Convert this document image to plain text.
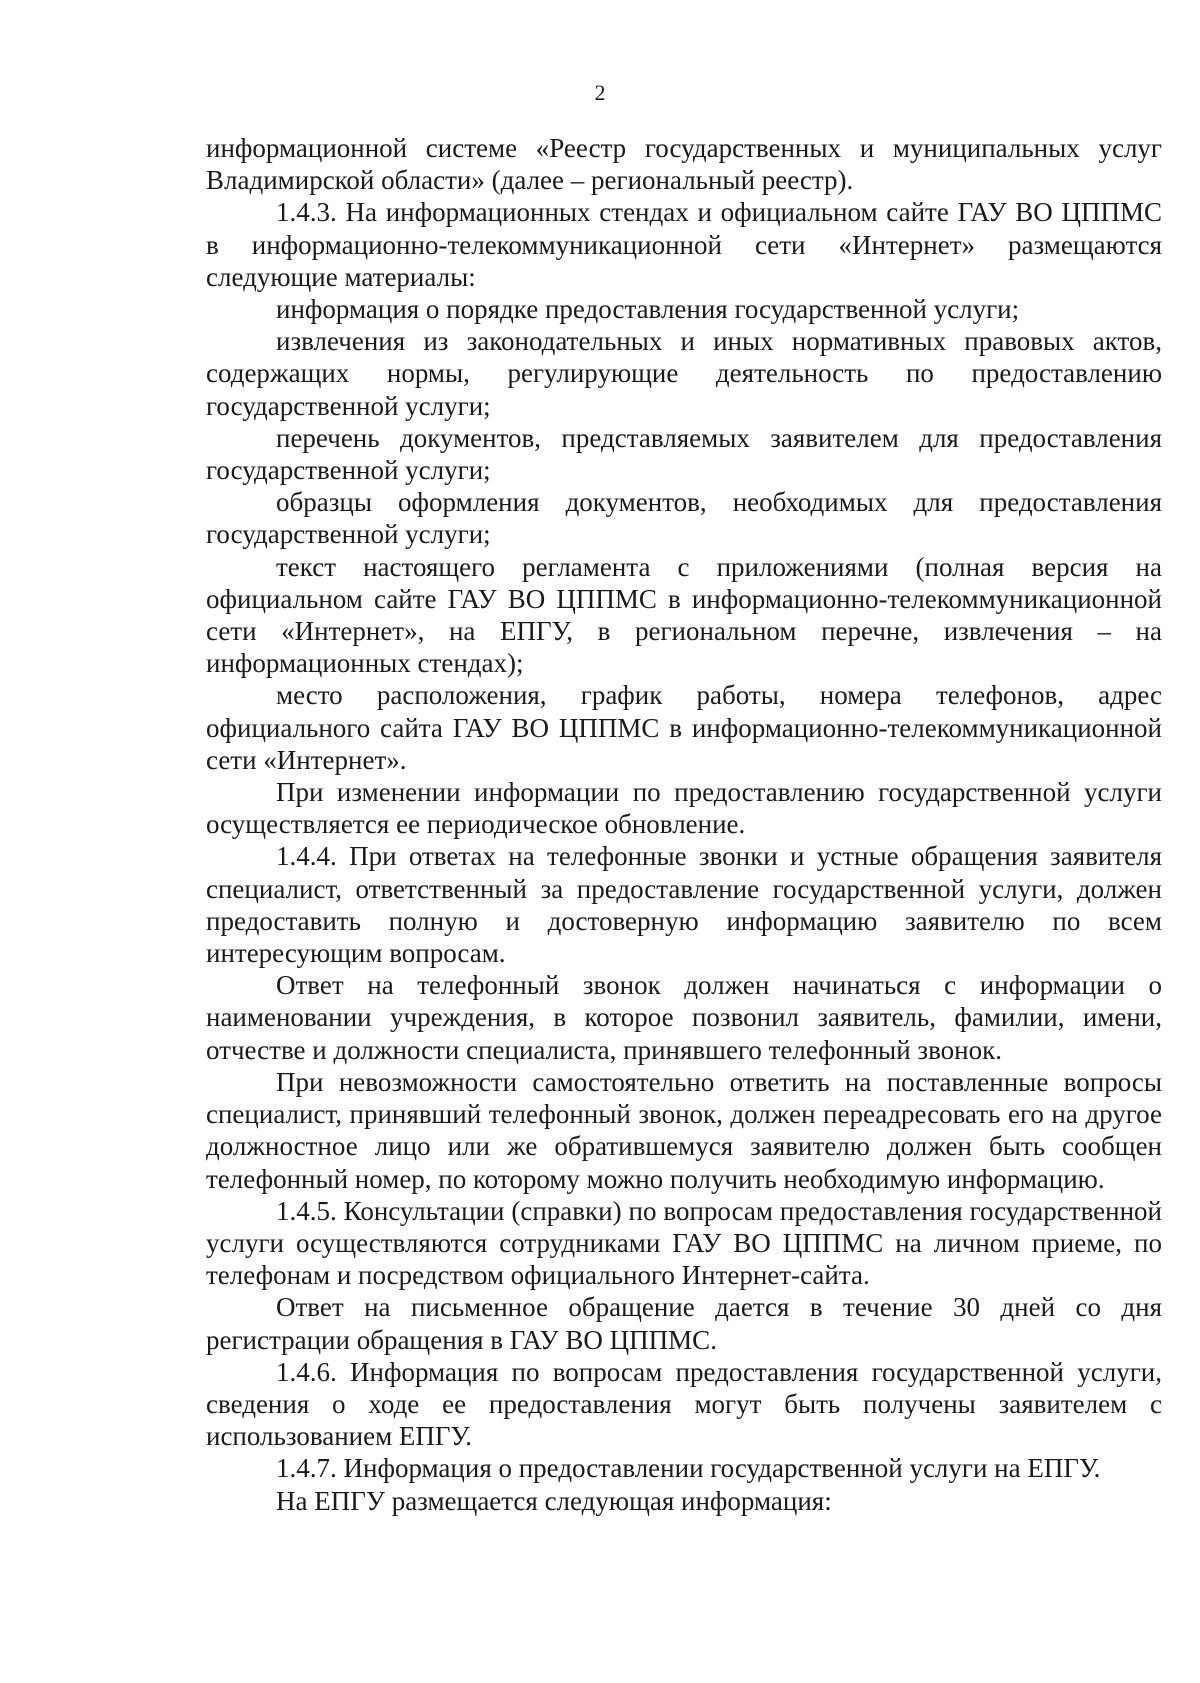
2

информационной системе «Реестр государственных и муниципальных услуг Владимирской области» (далее – региональный реестр).

1.4.3. На информационных стендах и официальном сайте ГАУ ВО ЦППМС в информационно-телекоммуникационной сети «Интернет» размещаются следующие материалы:

информация о порядке предоставления государственной услуги;

извлечения из законодательных и иных нормативных правовых актов, содержащих нормы, регулирующие деятельность по предоставлению государственной услуги;

перечень документов, представляемых заявителем для предоставления государственной услуги;

образцы оформления документов, необходимых для предоставления государственной услуги;

текст настоящего регламента с приложениями (полная версия на официальном сайте ГАУ ВО ЦППМС в информационно-телекоммуникационной сети «Интернет», на ЕПГУ, в региональном перечне, извлечения – на информационных стендах);

место расположения, график работы, номера телефонов, адрес официального сайта ГАУ ВО ЦППМС в информационно-телекоммуникационной сети «Интернет».

При изменении информации по предоставлению государственной услуги осуществляется ее периодическое обновление.

1.4.4. При ответах на телефонные звонки и устные обращения заявителя специалист, ответственный за предоставление государственной услуги, должен предоставить полную и достоверную информацию заявителю по всем интересующим вопросам.

Ответ на телефонный звонок должен начинаться с информации о наименовании учреждения, в которое позвонил заявитель, фамилии, имени, отчестве и должности специалиста, принявшего телефонный звонок.

При невозможности самостоятельно ответить на поставленные вопросы специалист, принявший телефонный звонок, должен переадресовать его на другое должностное лицо или же обратившемуся заявителю должен быть сообщен телефонный номер, по которому можно получить необходимую информацию.

1.4.5. Консультации (справки) по вопросам предоставления государственной услуги осуществляются сотрудниками ГАУ ВО ЦППМС на личном приеме, по телефонам и посредством официального Интернет-сайта.

Ответ на письменное обращение дается в течение 30 дней со дня регистрации обращения в ГАУ ВО ЦППМС.

1.4.6. Информация по вопросам предоставления государственной услуги, сведения о ходе ее предоставления могут быть получены заявителем с использованием ЕПГУ.

1.4.7. Информация о предоставлении государственной услуги на ЕПГУ.

На ЕПГУ размещается следующая информация:
